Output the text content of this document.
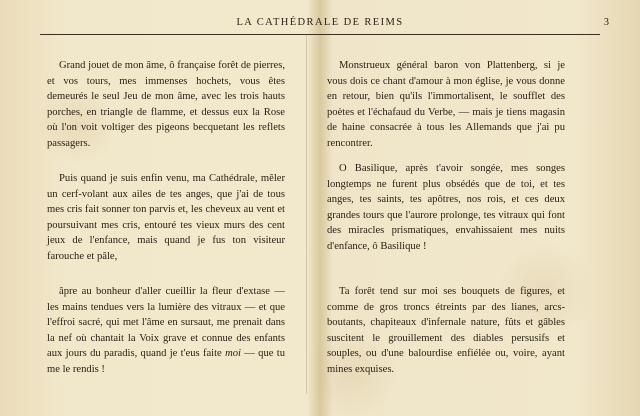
LA CATHÉDRALE DE REIMS	3

Grand jouet de mon âme, ô française forêt de pierres, et vos tours, mes immenses hochets, vous êtes demeurés le seul Jeu de mon âme, avec les trois hauts porches, en triangle de flamme, et dessus eux la Rose où l'on voit voltiger des pigeons becquetant les reflets passagers.

Puis quand je suis enfin venu, ma Cathédrale, mêler un cerf-volant aux ailes de tes anges, que j'ai de tous mes cris fait sonner ton parvis et, les cheveux au vent et poursuivant mes cris, entouré tes vieux murs des cent jeux de l'enfance, mais quand je fus ton visiteur farouche et pâle,

âpre au bonheur d'aller cueillir la fleur d'extase — les mains tendues vers la lumière des vitraux — et que l'effroi sacré, qui met l'âme en sursaut, me prenait dans la nef où chantait la Voix grave et connue des enfants aux jours du paradis, quand je t'eus faite moi — que tu me le rendis !

Monstrueux général baron von Plattenberg, si je vous dois ce chant d'amour à mon église, je vous donne en retour, bien qu'ils l'immortalisent, le soufflet des poètes et l'échafaud du Verbe, — mais je tiens magasin de haine consacrée à tous les Allemands que j'ai pu rencontrer.

O Basilique, après t'avoir songée, mes songes longtemps ne furent plus obsédés que de toi, et tes anges, tes saints, tes apôtres, nos rois, et ces deux grandes tours que l'aurore prolonge, tes vitraux qui font des miracles prismatiques, envahissaient mes nuits d'enfance, ô Basilique !

Ta forêt tend sur moi ses bouquets de figures, et comme de gros troncs étreints par des lianes, arcs-boutants, chapiteaux d'infernale nature, fûts et gâbles suscitent le grouillement des diables persusifs et souples, ou d'une balourdise enfiélée ou, voire, ayant mines exquises.
